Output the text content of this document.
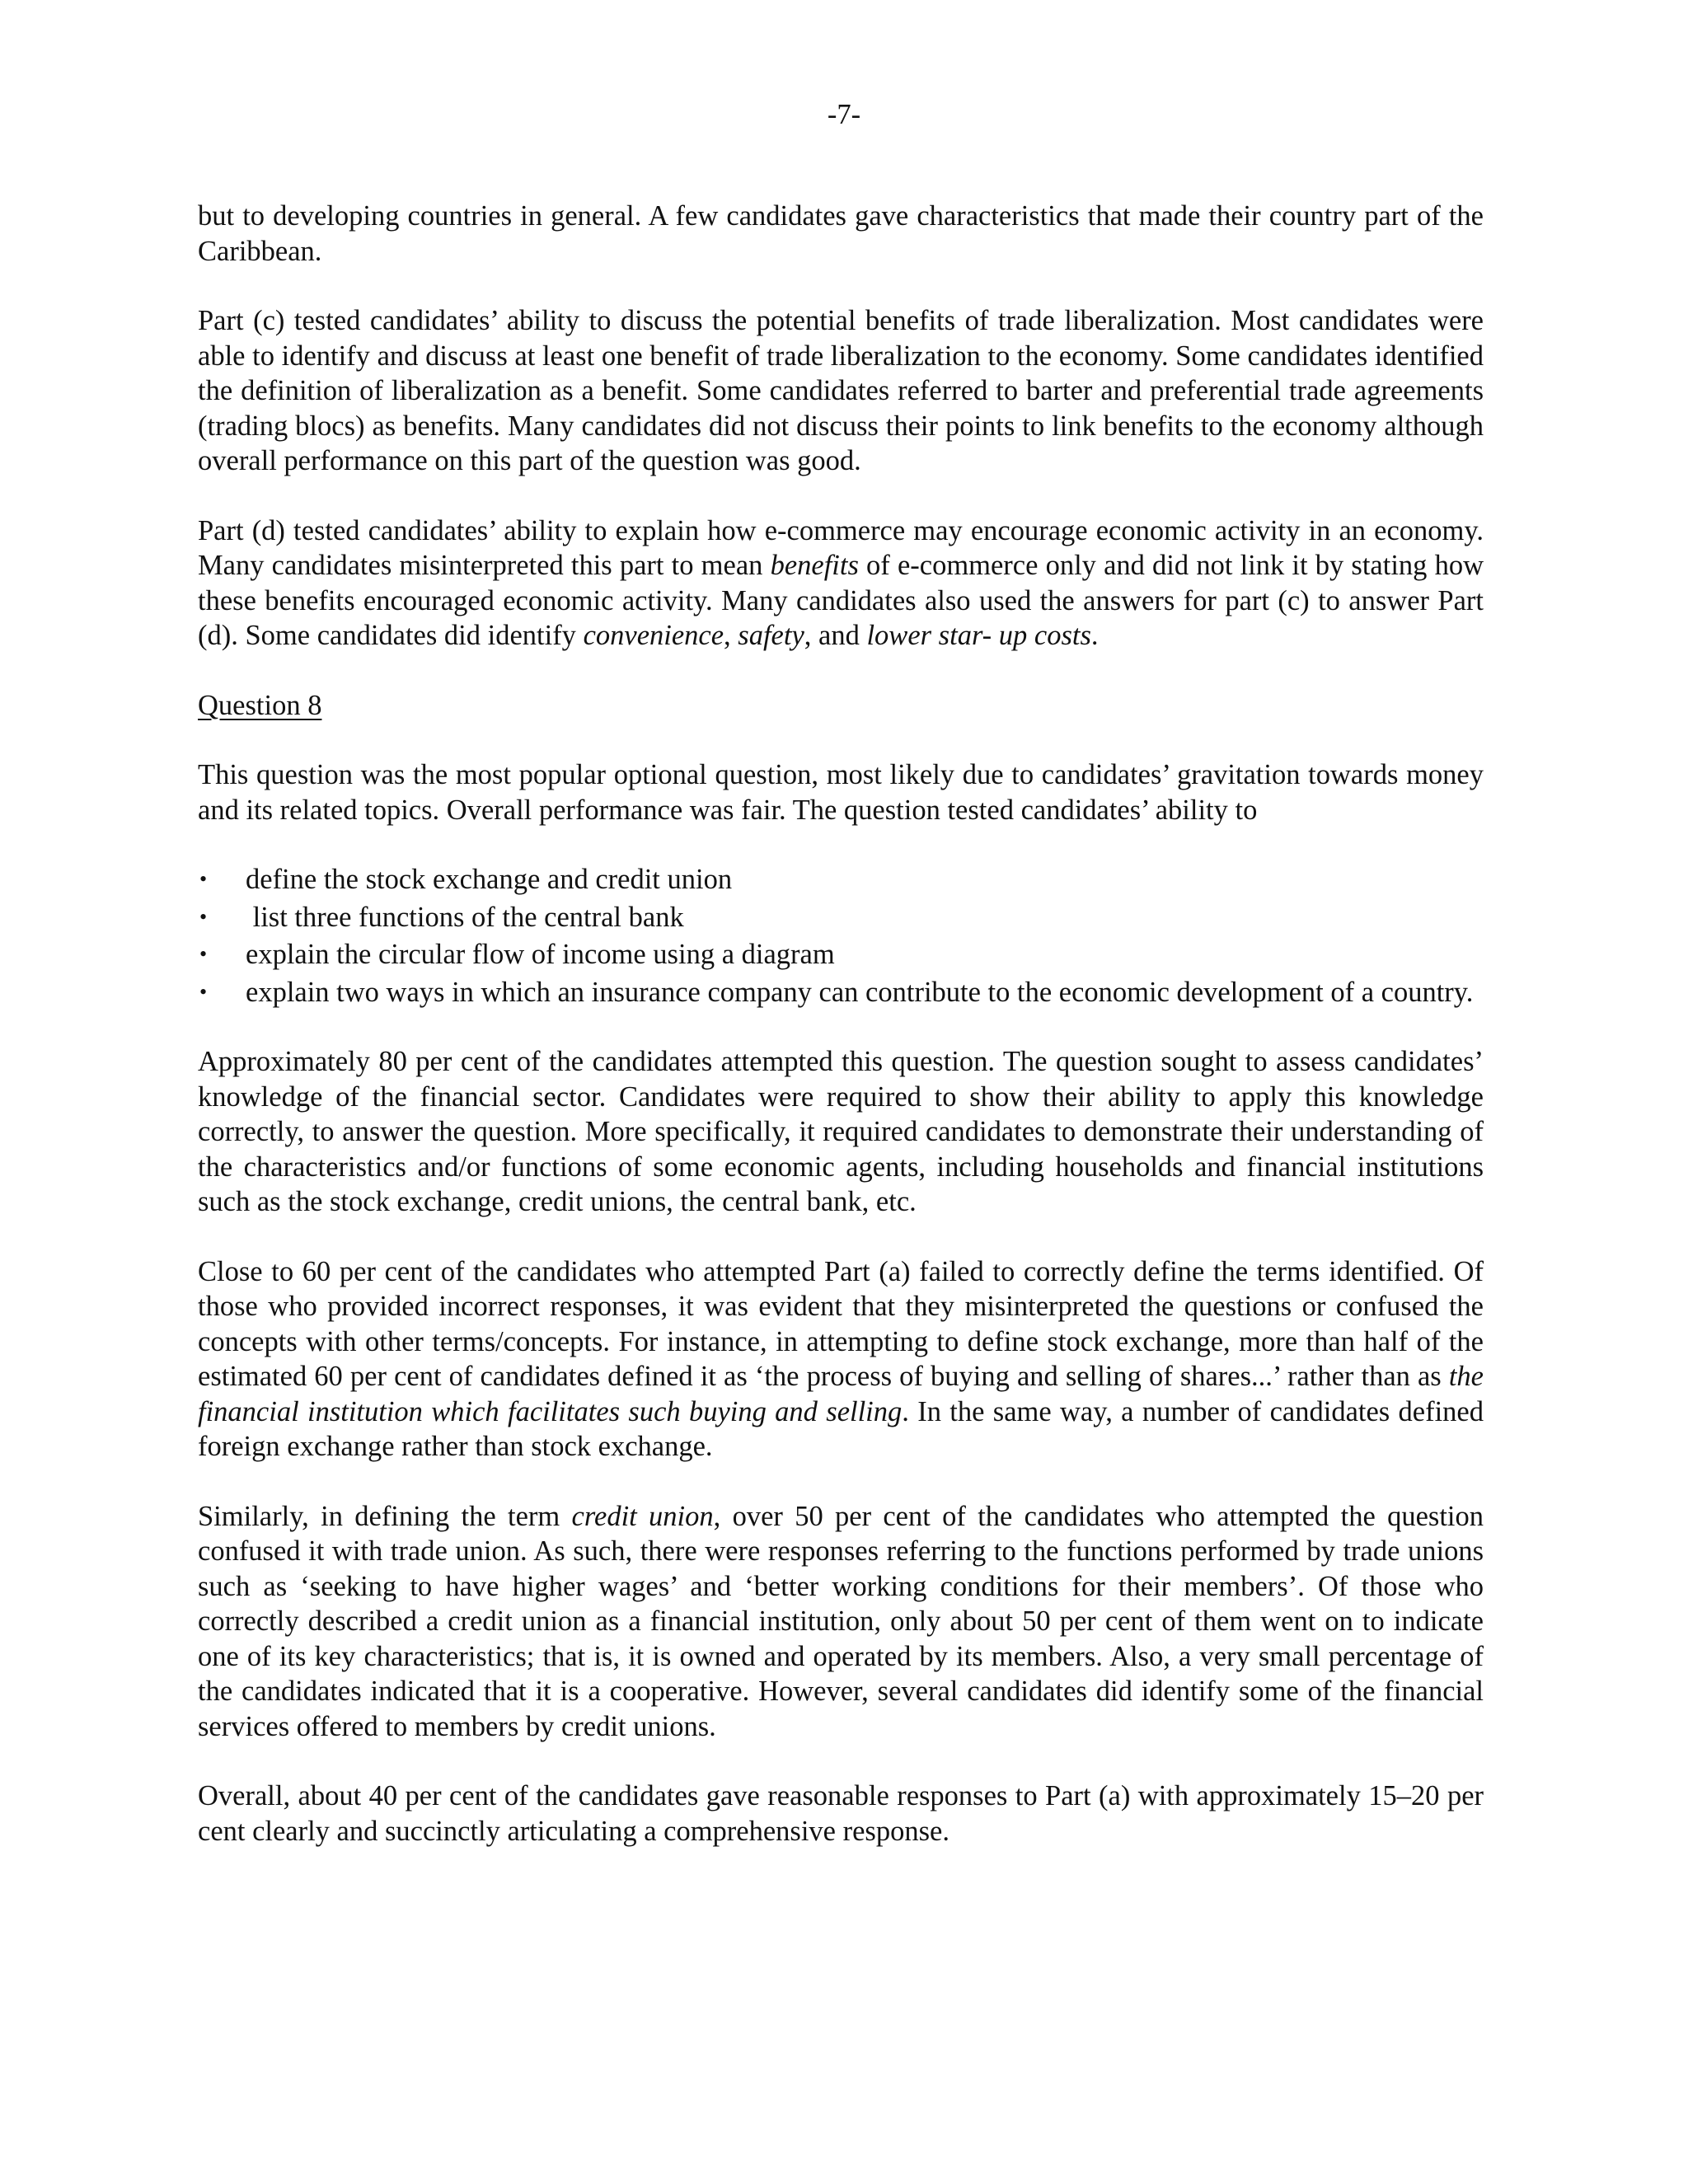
-7-

but to developing countries in general. A few candidates gave characteristics that made their country part of the Caribbean.

Part (c) tested candidates’ ability to discuss the potential benefits of trade liberalization. Most candidates were able to identify and discuss at least one benefit of trade liberalization to the economy. Some candidates identified the definition of liberalization as a benefit. Some candidates referred to barter and preferential trade agreements (trading blocs) as benefits. Many candidates did not discuss their points to link benefits to the economy although overall performance on this part of the question was good.

Part (d) tested candidates’ ability to explain how e-commerce may encourage economic activity in an economy. Many candidates misinterpreted this part to mean benefits of e-commerce only and did not link it by stating how these benefits encouraged economic activity. Many candidates also used the answers for part (c) to answer Part (d). Some candidates did identify convenience, safety, and lower star- up costs.

Question 8

This question was the most popular optional question, most likely due to candidates’ gravitation towards money and its related topics. Overall performance was fair. The question tested candidates’ ability to

• define the stock exchange and credit union
• list three functions of the central bank
• explain the circular flow of income using a diagram
• explain two ways in which an insurance company can contribute to the economic development of a country.

Approximately 80 per cent of the candidates attempted this question. The question sought to assess candidates’ knowledge of the financial sector. Candidates were required to show their ability to apply this knowledge correctly, to answer the question. More specifically, it required candidates to demonstrate their understanding of the characteristics and/or functions of some economic agents, including households and financial institutions such as the stock exchange, credit unions, the central bank, etc.

Close to 60 per cent of the candidates who attempted Part (a) failed to correctly define the terms identified. Of those who provided incorrect responses, it was evident that they misinterpreted the questions or confused the concepts with other terms/concepts. For instance, in attempting to define stock exchange, more than half of the estimated 60 per cent of candidates defined it as ‘the process of buying and selling of shares...’ rather than as the financial institution which facilitates such buying and selling. In the same way, a number of candidates defined foreign exchange rather than stock exchange.

Similarly, in defining the term credit union, over 50 per cent of the candidates who attempted the question confused it with trade union. As such, there were responses referring to the functions performed by trade unions such as ‘seeking to have higher wages’ and ‘better working conditions for their members’. Of those who correctly described a credit union as a financial institution, only about 50 per cent of them went on to indicate one of its key characteristics; that is, it is owned and operated by its members. Also, a very small percentage of the candidates indicated that it is a cooperative. However, several candidates did identify some of the financial services offered to members by credit unions.

Overall, about 40 per cent of the candidates gave reasonable responses to Part (a) with approximately 15–20 per cent clearly and succinctly articulating a comprehensive response.
